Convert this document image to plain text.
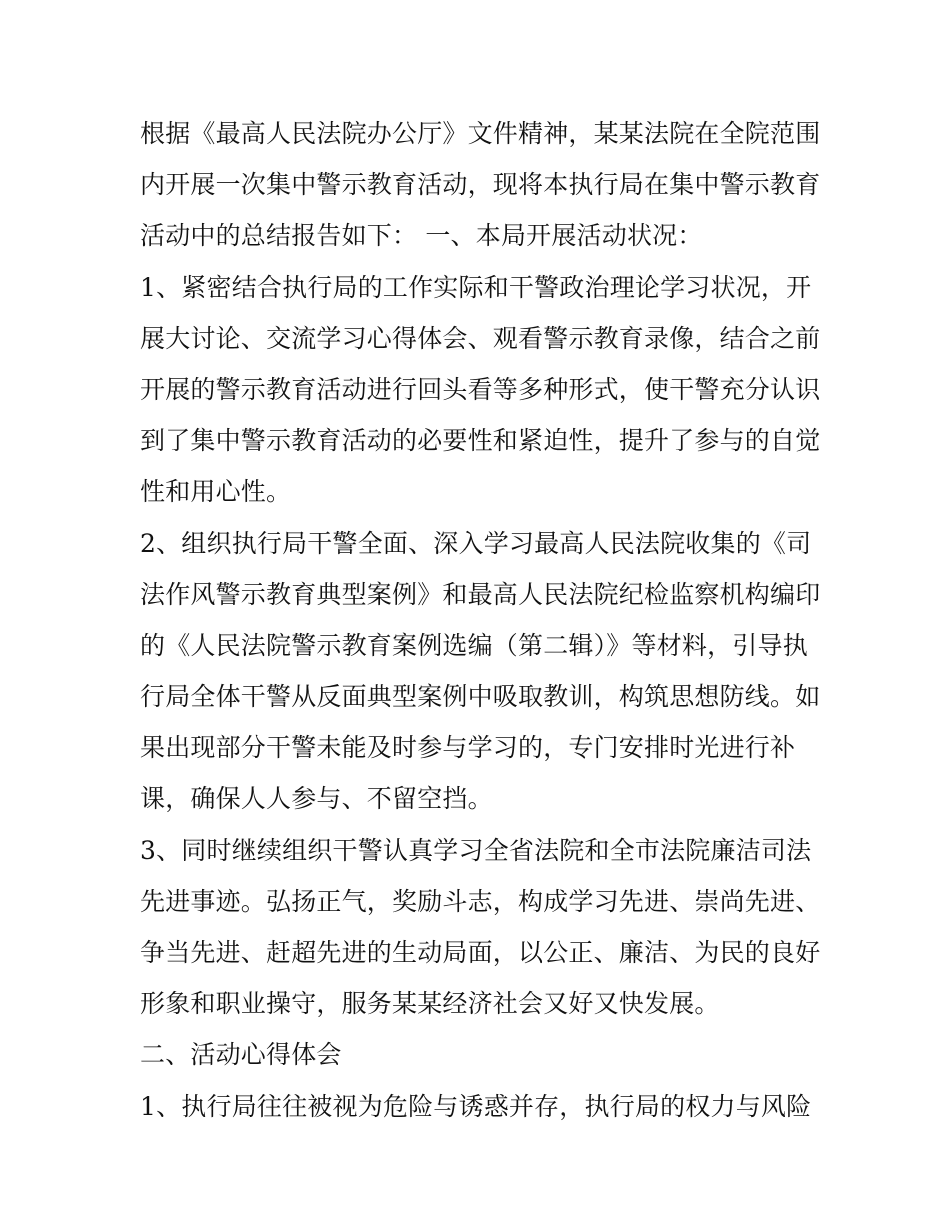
根据《最高人民法院办公厅》文件精神，某某法院在全院范围
内开展一次集中警示教育活动，现将本执行局在集中警示教育
活动中的总结报告如下： 一、本局开展活动状况：
1、紧密结合执行局的工作实际和干警政治理论学习状况，开
展大讨论、交流学习心得体会、观看警示教育录像，结合之前
开展的警示教育活动进行回头看等多种形式，使干警充分认识
到了集中警示教育活动的必要性和紧迫性，提升了参与的自觉
性和用心性。
2、组织执行局干警全面、深入学习最高人民法院收集的《司
法作风警示教育典型案例》和最高人民法院纪检监察机构编印
的《人民法院警示教育案例选编（第二辑）》等材料，引导执
行局全体干警从反面典型案例中吸取教训，构筑思想防线。如
果出现部分干警未能及时参与学习的，专门安排时光进行补
课，确保人人参与、不留空挡。
3、同时继续组织干警认真学习全省法院和全市法院廉洁司法
先进事迹。弘扬正气，奖励斗志，构成学习先进、崇尚先进、
争当先进、赶超先进的生动局面，以公正、廉洁、为民的良好
形象和职业操守，服务某某经济社会又好又快发展。
二、活动心得体会
1、执行局往往被视为危险与诱惑并存，执行局的权力与风险
